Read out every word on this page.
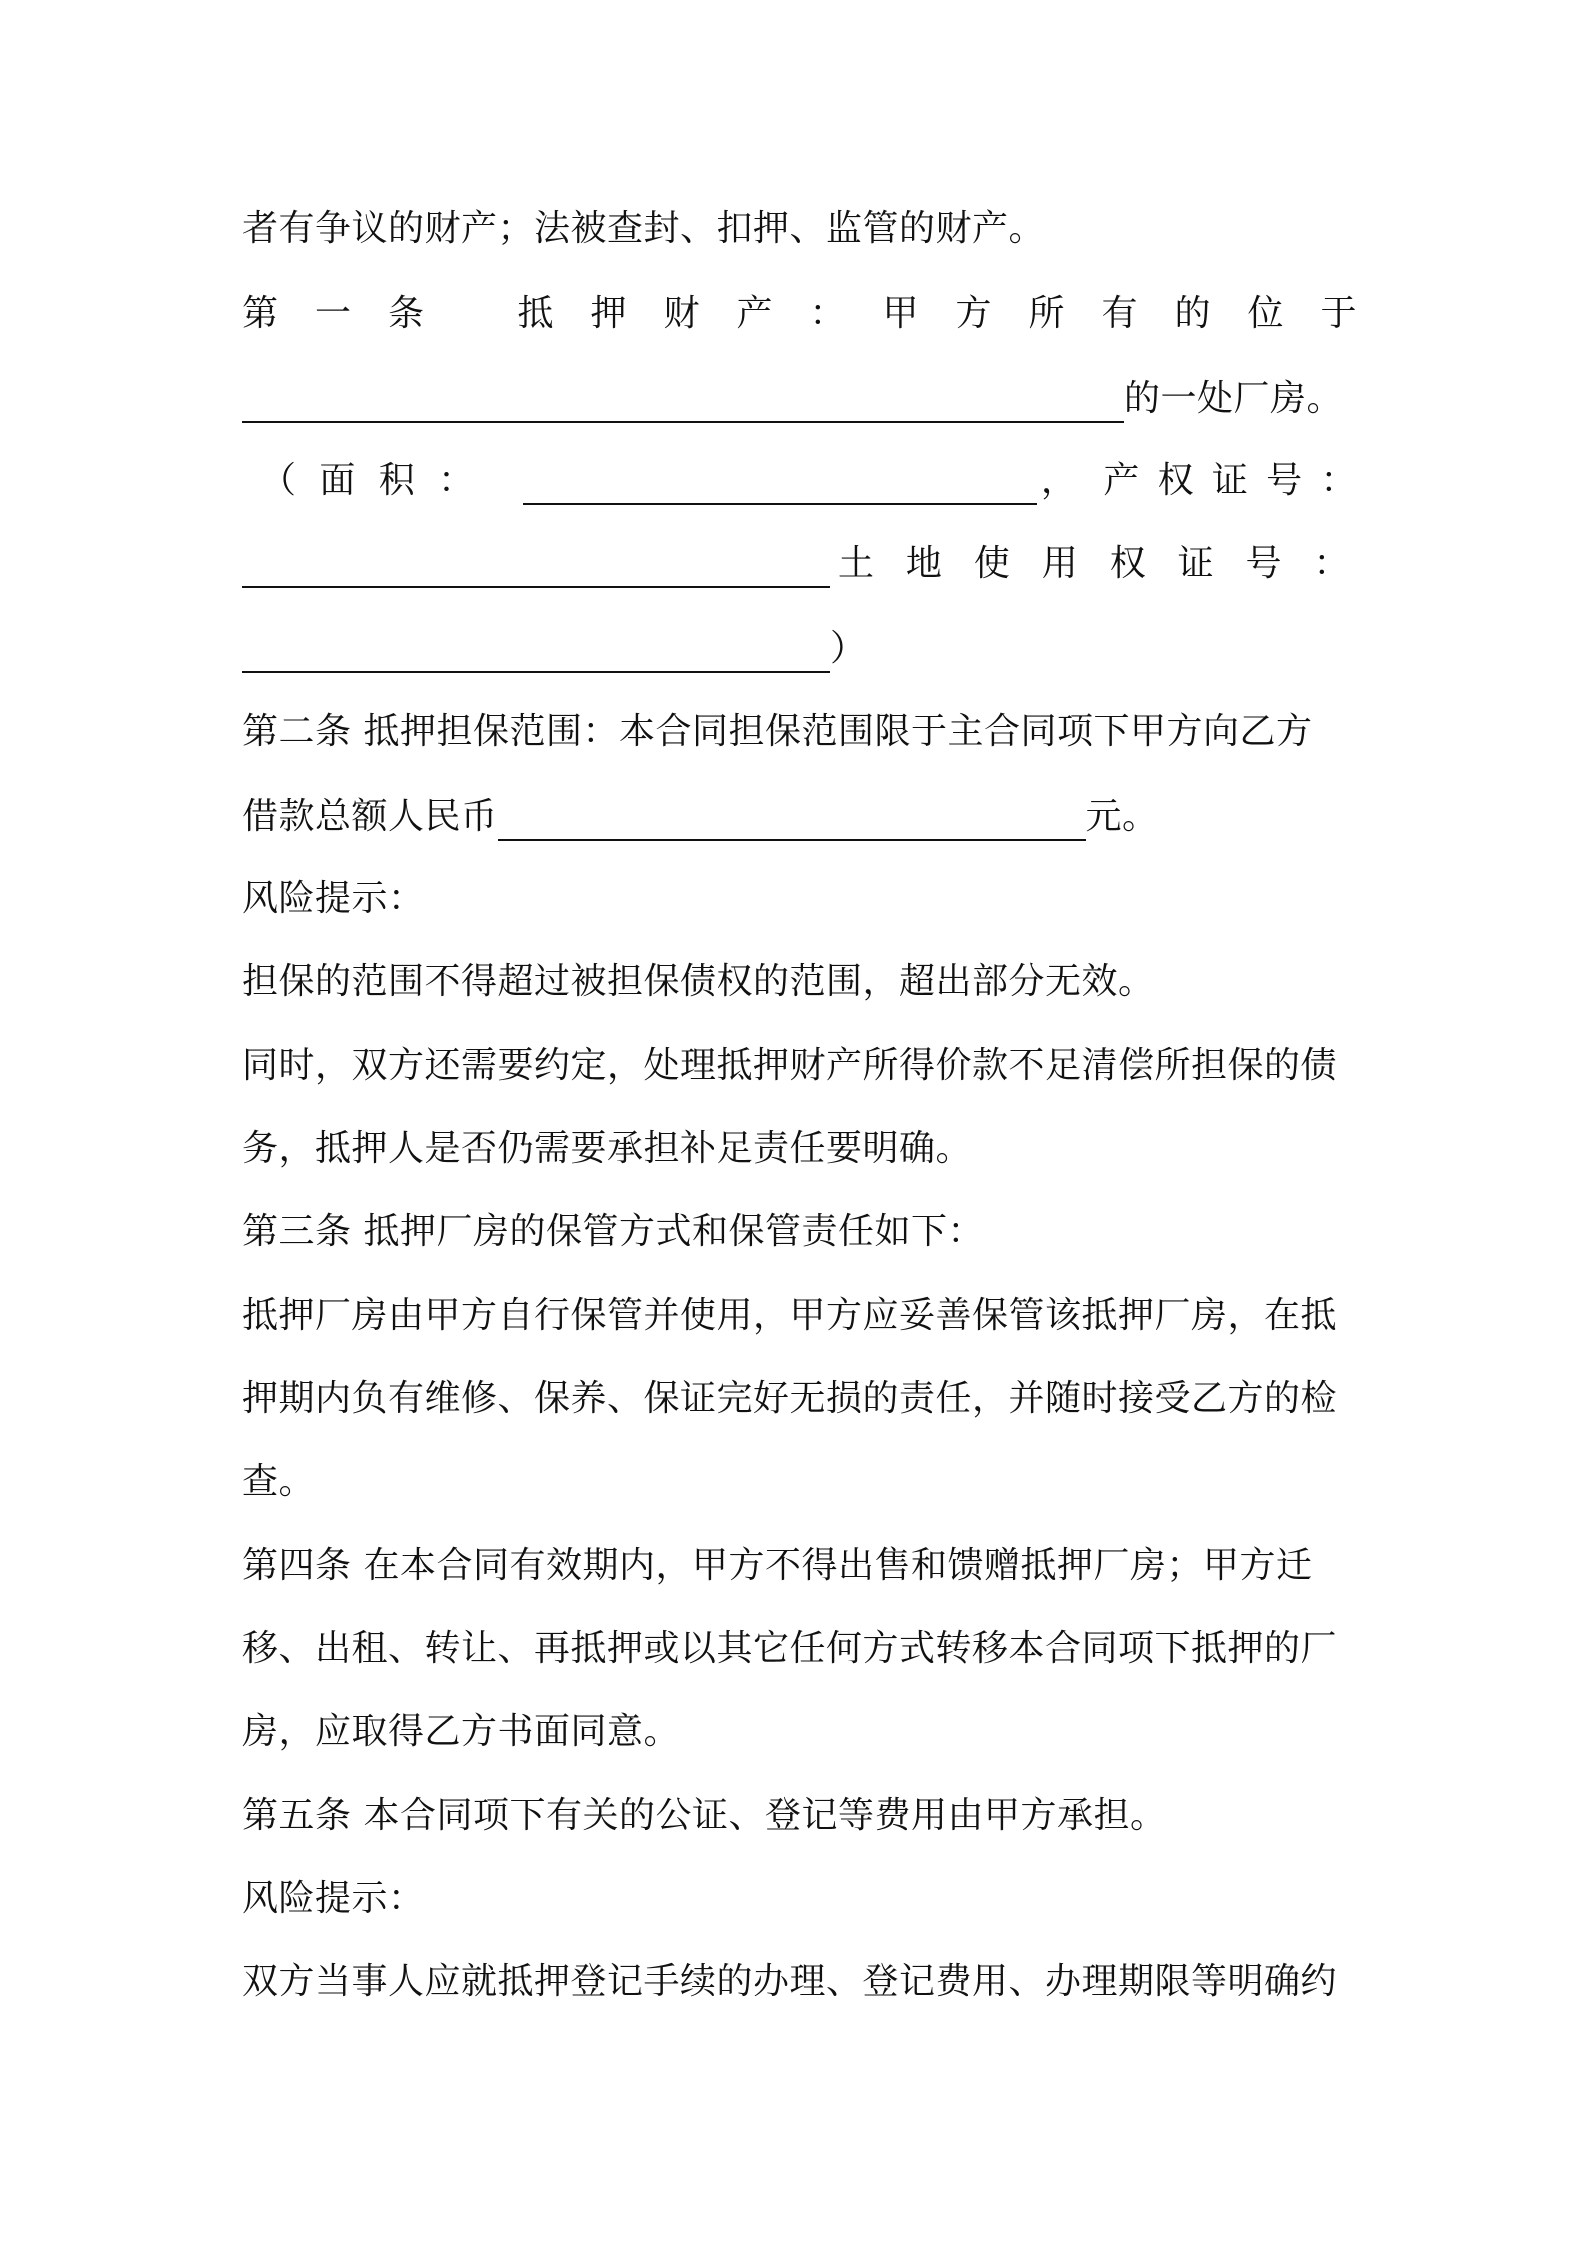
者有争议的财产；法被查封、扣押、监管的财产。
第 一 条	抵 押 财 产 ： 甲 方 所 有 的 位 于
的一处厂房。
（ 面 积 ：	， 产 权 证 号 ：
土 地 使 用 权 证 号 ：
）
第二条 抵押担保范围：本合同担保范围限于主合同项下甲方向乙方
借款总额人民币	元。
风险提示：
担保的范围不得超过被担保债权的范围，超出部分无效。
同时，双方还需要约定，处理抵押财产所得价款不足清偿所担保的债
务，抵押人是否仍需要承担补足责任要明确。
第三条 抵押厂房的保管方式和保管责任如下：
抵押厂房由甲方自行保管并使用，甲方应妥善保管该抵押厂房，在抵
押期内负有维修、保养、保证完好无损的责任，并随时接受乙方的检
查。
第四条 在本合同有效期内，甲方不得出售和馈赠抵押厂房；甲方迁
移、出租、转让、再抵押或以其它任何方式转移本合同项下抵押的厂
房，应取得乙方书面同意。
第五条 本合同项下有关的公证、登记等费用由甲方承担。
风险提示：
双方当事人应就抵押登记手续的办理、登记费用、办理期限等明确约
